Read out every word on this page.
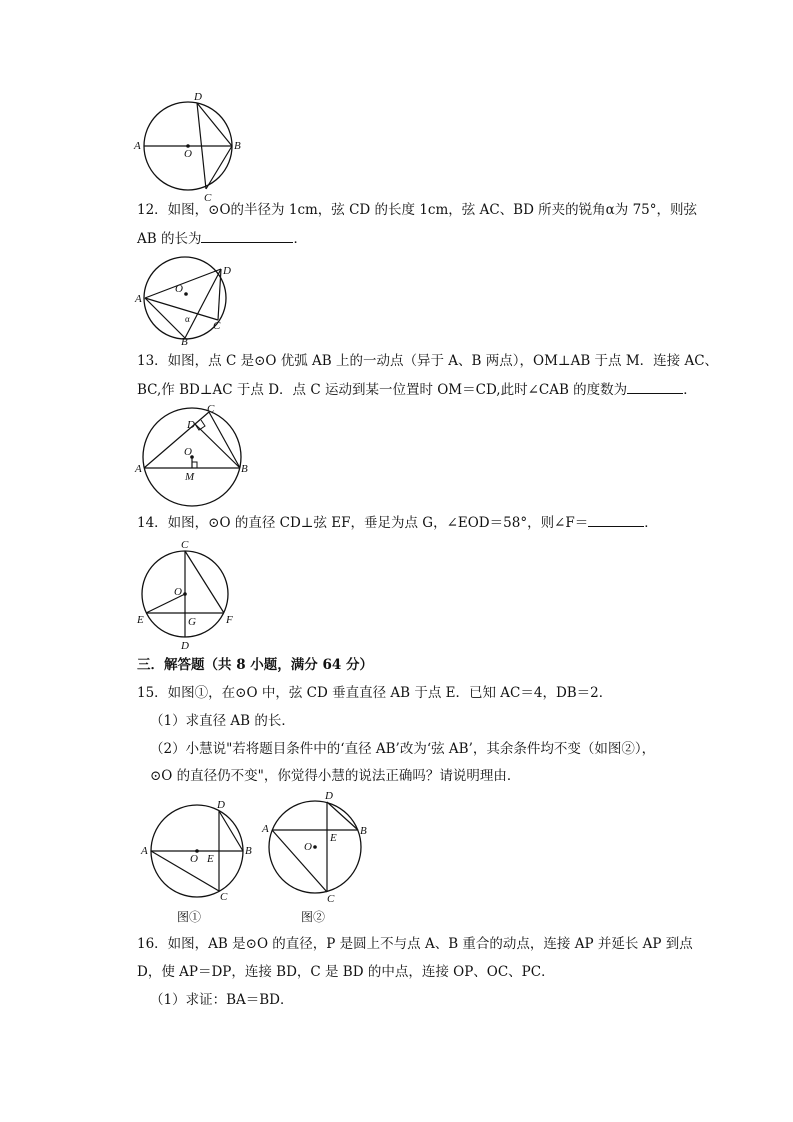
D
A
O
B
C
12．如图，⊙O的半径为 1cm，弦 CD 的长度 1cm，弦 AC、BD 所夹的锐角α为 75°，则弦
AB 的长为	．
O
D
A
C
B
α
13．如图，点 C 是⊙O 优弧 AB 上的一动点（异于 A、B 两点），OM⊥AB 于点 M．连接 AC、
BC,作 BD⊥AC 于点 D．点 C 运动到某一位置时 OM＝CD,此时∠CAB 的度数为	．
C
D
O
A	B
M
14．如图，⊙O 的直径 CD⊥弦 EF，垂足为点 G，∠EOD＝58°，则∠F＝	．
C
O
E	G	F
D
三．解答题（共 8 小题，满分 64 分）
15．如图①，在⊙O 中，弦 CD 垂直直径 AB 于点 E．已知 AC＝4，DB＝2．
（1）求直径 AB 的长．
（2）小慧说"若将题目条件中的‘直径 AB’改为‘弦 AB’，其余条件均不变（如图②），
⊙O 的直径仍不变"，你觉得小慧的说法正确吗？请说明理由．
D
A
O E
B
C
图①
D
A
E
B
O
C
图②
16．如图，AB 是⊙O 的直径，P 是圆上不与点 A、B 重合的动点，连接 AP 并延长 AP 到点
D，使 AP＝DP，连接 BD，C 是 BD 的中点，连接 OP、OC、PC．
（1）求证：BA＝BD．
